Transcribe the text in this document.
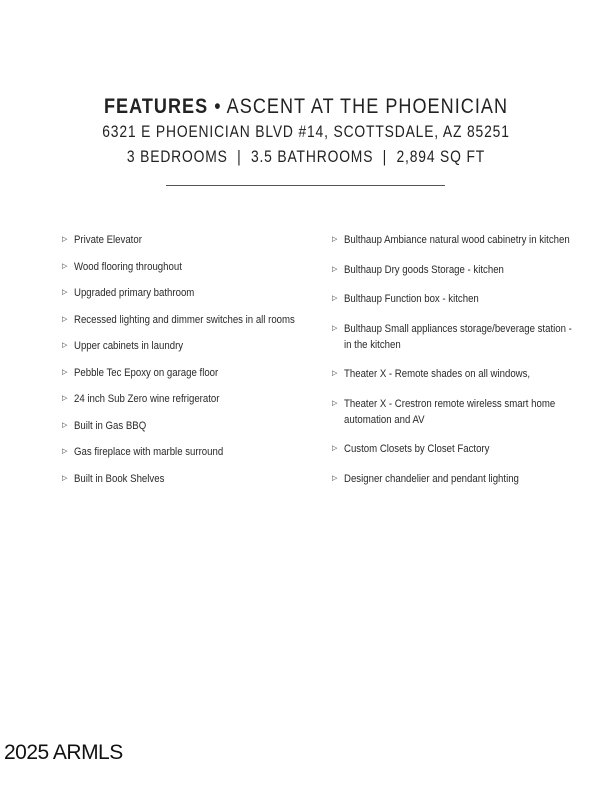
FEATURES • ASCENT AT THE PHOENICIAN
6321 E PHOENICIAN BLVD #14, SCOTTSDALE, AZ 85251
3 BEDROOMS  |  3.5 BATHROOMS  |  2,894 SQ FT
▷ Private Elevator
▷ Wood flooring throughout
▷ Upgraded primary bathroom
▷ Recessed lighting and dimmer switches in all rooms
▷ Upper cabinets in laundry
▷ Pebble Tec Epoxy on garage floor
▷ 24 inch Sub Zero wine refrigerator
▷ Built in Gas BBQ
▷ Gas fireplace with marble surround
▷ Built in Book Shelves
▷ Bulthaup Ambiance natural wood cabinetry in kitchen
▷ Bulthaup Dry goods Storage - kitchen
▷ Bulthaup Function box - kitchen
▷ Bulthaup Small appliances storage/beverage station - in the kitchen
▷ Theater X - Remote shades on all windows,
▷ Theater X - Crestron remote wireless smart home automation and AV
▷ Custom Closets by Closet Factory
▷ Designer chandelier and pendant lighting
2025 ARMLS
